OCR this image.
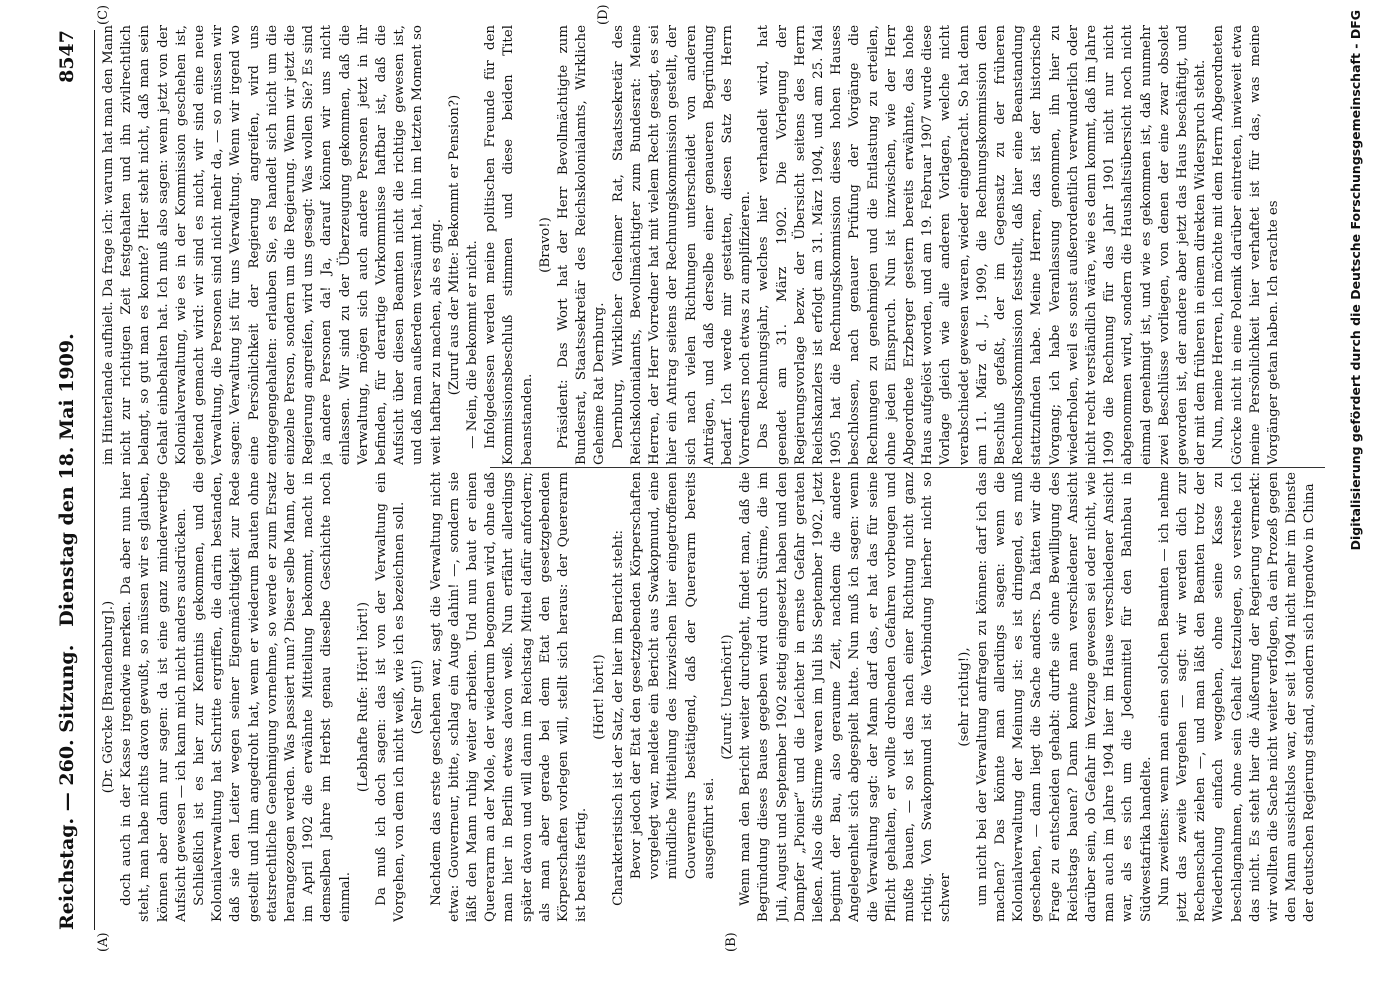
Reichstag. — 260. Sitzung.
Dienstag den 18. Mai 1909.
8547
(A)	(B)
(C)	(D)

(Dr. Görcke [Brandenburg].) doch auch in der Kasse irgendwie merken. Da aber nun hier steht, man habe nichts davon gewußt, so müssen wir es glauben, können aber dann nur sagen: da ist eine ganz minderwertige Aufsicht gewesen — ich kann mich nicht anders ausdrücken. Schließlich ist es hier zur Kenntnis gekommen, und die Kolonialverwaltung hat Schritte ergriffen, die darin bestanden, daß sie den Leiter wegen seiner Eigenmächtigkeit zur Rede gestellt und ihm angedroht hat, wenn er wiederum Bauten ohne etatsrechtliche Genehmigung vornehme, so werde er zum Ersatz herangezogen werden. Was passiert nun? Dieser selbe Mann, der im April 1902 die erwähnte Mitteilung bekommt, macht in demselben Jahre im Herbst genau dieselbe Geschichte noch einmal.

(Lebhafte Rufe: Hört! hört!) Da muß ich doch sagen: das ist von der Verwaltung ein Vorgehen, von dem ich nicht weiß, wie ich es bezeichnen soll. (Sehr gut!) Nachdem das erste geschehen war, sagt die Verwaltung nicht etwa: Gouverneur, bitte, schlag ein Auge dahin! —, sondern sie läßt den Mann ruhig weiter arbeiten. Und nun baut er einen Quererarm an der Mole, der wiederum begonnen wird, ohne daß man hier in Berlin etwas davon weiß. Nun erfährt allerdings später davon und will dann im Reichstag Mittel dafür anfordern; als man aber gerade bei dem Etat den gesetzgebenden Körperschaften vorlegen will, stellt sich heraus: der Quererarm ist bereits fertig.

(Hört! hört!) Charakteristisch ist der Satz, der hier im Bericht steht: Bevor jedoch der Etat den gesetzgebenden Körperschaften vorgelegt war, meldete ein Bericht aus Swakopmund, eine mündliche Mitteilung des inzwischen hier eingetroffenen Gouverneurs bestätigend, daß der Quererarm bereits ausgeführt sei.

(Zuruf: Unerhört!) Wenn man den Bericht weiter durchgeht, findet man, daß die Begründung dieses Baues gegeben wird durch Stürme, die im Juli, August und September 1902 stetig eingesetzt haben und den Dampfer „Pionier“ und die Leichter in ernste Gefahr geraten ließen. Also die Stürme waren im Juli bis September 1902. Jetzt beginnt der Bau, also geraume Zeit, nachdem die andere Angelegenheit sich abgespielt hatte. Nun muß ich sagen: wenn die Verwaltung sagt: der Mann darf das, er hat das für seine Pflicht gehalten, er wollte drohenden Gefahren vorbeugen und mußte bauen, — so ist das nach einer Richtung nicht ganz richtig. Von Swakopmund ist die Verbindung hierher nicht so schwer

(sehr richtig!), um nicht bei der Verwaltung anfragen zu können: darf ich das machen? Das könnte man allerdings sagen: wenn die Kolonialverwaltung der Meinung ist: es ist dringend, es muß geschehen, — dann liegt die Sache anders. Da hätten wir die Frage zu entscheiden gehabt: durfte sie ohne Bewilligung des Reichstags bauen? Dann konnte man verschiedener Ansicht darüber sein, ob Gefahr im Verzuge gewesen sei oder nicht, wie man auch im Jahre 1904 hier im Hause verschiedener Ansicht war, als es sich um die Jodenmittel für den Bahnbau in Südwestafrika handelte. Nun zweitens: wenn man einen solchen Beamten — ich nehme jetzt das zweite Vergehen — sagt: wir werden dich zur Rechenschaft ziehen —, und man läßt den Beamten trotz der Wiederholung einfach weggehen, ohne seine Kasse zu beschlagnahmen, ohne sein Gehalt festzulegen, so verstehe ich das nicht. Es steht hier die Äußerung der Regierung vermerkt: wir wollten die Sache nicht weiter verfolgen, da ein Prozeß gegen den Mann aussichtslos war, der seit 1904 nicht mehr im Dienste der deutschen Regierung stand, sondern sich irgendwo in China

im Hinterlande aufhielt. Da frage ich: warum hat man den Mann nicht zur richtigen Zeit festgehalten und ihn zivilrechtlich belangt, so gut man es konnte? Hier steht nicht, daß man sein Gehalt einbehalten hat. Ich muß also sagen: wenn jetzt von der Kolonialverwaltung, wie es in der Kommission geschehen ist, geltend gemacht wird: wir sind es nicht, wir sind eine neue Verwaltung, die Personen sind nicht mehr da, — so müssen wir sagen: Verwaltung ist für uns Verwaltung. Wenn wir irgend wo eine Persönlichkeit der Regierung angreifen, wird uns entgegengehalten: erlauben Sie, es handelt sich nicht um die einzelne Person, sondern um die Regierung. Wenn wir jetzt die Regierung angreifen, wird uns gesagt: Was wollen Sie? Es sind ja andere Personen da! Ja, darauf können wir uns nicht einlassen. Wir sind zu der Überzeugung gekommen, daß die Verwaltung, mögen sich auch andere Personen jetzt in ihr befinden, für derartige Vorkommnisse haftbar ist, daß die Aufsicht über diesen Beamten nicht die richtige gewesen ist, und daß man außerdem versäumt hat, ihn im letzten Moment so weit haftbar zu machen, als es ging. (Zuruf aus der Mitte: Bekommt er Pension?) — Nein, die bekommt er nicht. Infolgedessen werden meine politischen Freunde für den Kommissionsbeschluß stimmen und diese beiden Titel beanstanden.

(Bravo!) Präsident: Das Wort hat der Herr Bevollmächtigte zum Bundesrat, Staatssekretär des Reichskolonialamts, Wirkliche Geheime Rat Dernburg. Dernburg, Wirklicher Geheimer Rat, Staatssekretär des Reichskolonialamts, Bevollmächtigter zum Bundesrat: Meine Herren, der Herr Vorredner hat mit vielem Recht gesagt, es sei hier ein Antrag seitens der Rechnungskommission gestellt, der sich nach vielen Richtungen unterscheidet von anderen Anträgen, und daß derselbe einer genaueren Begründung bedarf. Ich werde mir gestatten, diesen Satz des Herrn Vorredners noch etwas zu amplifizieren. Das Rechnungsjahr, welches hier verhandelt wird, hat geendet am 31. März 1902. Die Vorlegung der Regierungsvorlage bezw. der Übersicht seitens des Herrn Reichskanzlers ist erfolgt am 31. März 1904, und am 25. Mai 1905 hat die Rechnungskommission dieses hohen Hauses beschlossen, nach genauer Prüfung der Vorgänge die Rechnungen zu genehmigen und die Entlastung zu erteilen, ohne jeden Einspruch. Nun ist inzwischen, wie der Herr Abgeordnete Erzberger gestern bereits erwähnte, das hohe Haus aufgelöst worden, und am 19. Februar 1907 wurde diese Vorlage gleich wie alle anderen Vorlagen, welche nicht verabschiedet gewesen waren, wieder eingebracht. So hat denn am 11. März d. J., 1909, die Rechnungskommission den Beschluß gefaßt, der im Gegensatz zu der früheren Rechnungskommission feststellt, daß hier eine Beanstandung stattzufinden habe. Meine Herren, das ist der historische Vorgang; ich habe Veranlassung genommen, ihn hier zu wiederholen, weil es sonst außerordentlich verwunderlich oder nicht recht verständlich wäre, wie es denn kommt, daß im Jahre 1909 die Rechnung für das Jahr 1901 nicht nur nicht abgenommen wird, sondern die Haushaltsübersicht noch nicht einmal genehmigt ist, und wie es gekommen ist, daß nunmehr zwei Beschlüsse vorliegen, von denen der eine zwar obsolet geworden ist, der andere aber jetzt das Haus beschäftigt, und der mit dem früheren in einem direkten Widerspruch steht. Nun, meine Herren, ich möchte mit dem Herrn Abgeordneten Görcke nicht in eine Polemik darüber eintreten, inwieweit etwa meine Persönlichkeit hier verhaftet ist für das, was meine Vorgänger getan haben. Ich erachte es	Digitalisierung gefördert durch die Deutsche Forschungsgemeinschaft - DFG
